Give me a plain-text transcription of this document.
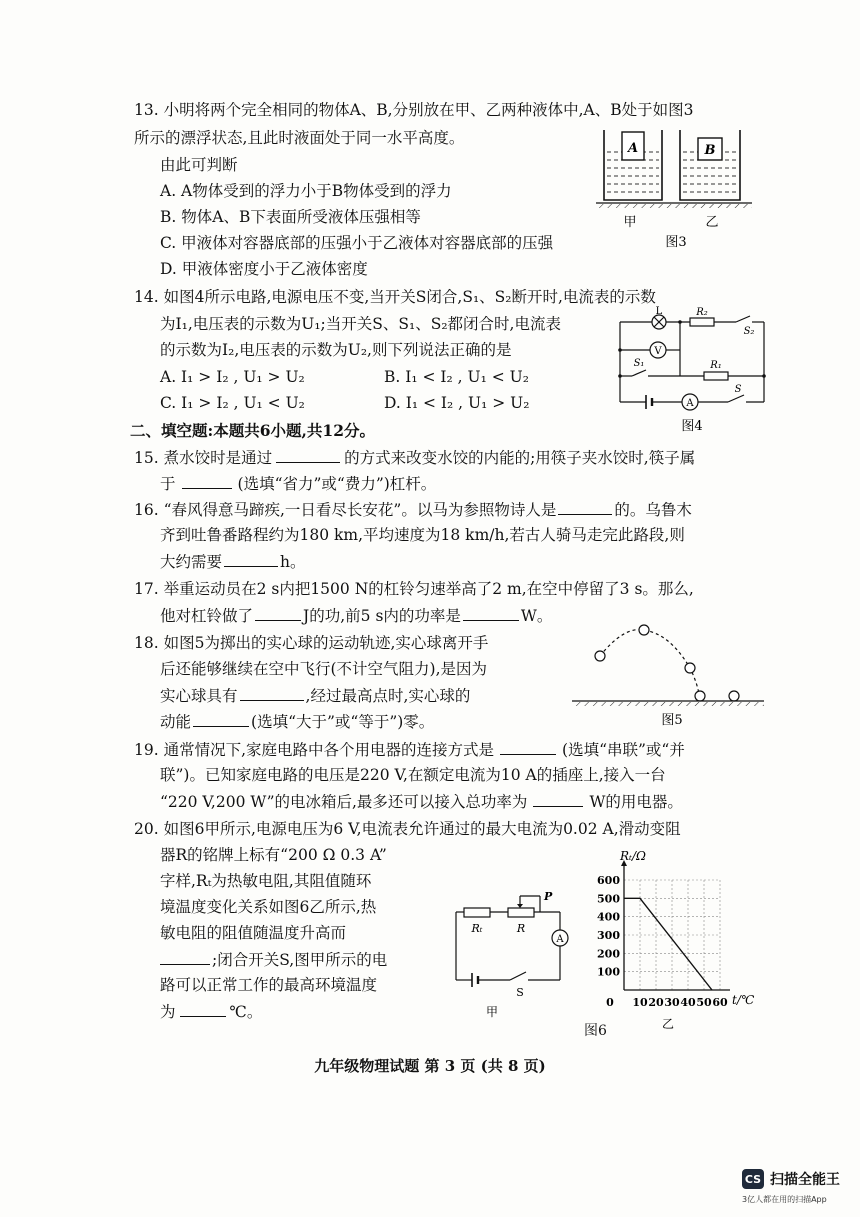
13. 小明将两个完全相同的物体A、B,分别放在甲、乙两种液体中,A、B处于如图3
所示的漂浮状态,且此时液面处于同一水平高度。
由此可判断
A. A物体受到的浮力小于B物体受到的浮力
B. 物体A、B下表面所受液体压强相等
C. 甲液体对容器底部的压强小于乙液体对容器底部的压强
D. 甲液体密度小于乙液体密度
A	B
甲	乙
图3
14. 如图4所示电路,电源电压不变,当开关S闭合,S₁、S₂断开时,电流表的示数
为I₁,电压表的示数为U₁;当开关S、S₁、S₂都闭合时,电流表
的示数为I₂,电压表的示数为U₂,则下列说法正确的是
A. I₁ > I₂ , U₁ > U₂	B. I₁ < I₂ , U₁ < U₂
C. I₁ > I₂ , U₁ < U₂	D. I₁ < I₂ , U₁ > U₂
L	R₂
S₂
V
S₁	R₁
A
S
图4
二、填空题:本题共6小题,共12分。
15. 煮水饺时是通过	的方式来改变水饺的内能的;用筷子夹水饺时,筷子属
于	(选填“省力”或“费力”)杠杆。
16. “春风得意马蹄疾,一日看尽长安花”。以马为参照物诗人是	的。乌鲁木
齐到吐鲁番路程约为180 km,平均速度为18 km/h,若古人骑马走完此路段,则
大约需要	h。
17. 举重运动员在2 s内把1500 N的杠铃匀速举高了2 m,在空中停留了3 s。那么,
他对杠铃做了	J的功,前5 s内的功率是	W。
18. 如图5为掷出的实心球的运动轨迹,实心球离开手
后还能够继续在空中飞行(不计空气阻力),是因为
实心球具有	,经过最高点时,实心球的
动能	(选填“大于”或“等于”)零。	图5
19. 通常情况下,家庭电路中各个用电器的连接方式是	(选填“串联”或“并
联”)。已知家庭电路的电压是220 V,在额定电流为10 A的插座上,接入一台
“220 V,200 W”的电冰箱后,最多还可以接入总功率为	W的用电器。
20. 如图6甲所示,电源电压为6 V,电流表允许通过的最大电流为0.02 A,滑动变阻
器R的铭牌上标有“200 Ω 0.3 A”
字样,Rₜ为热敏电阻,其阻值随环
境温度变化关系如图6乙所示,热
敏电阻的阻值随温度升高而
;闭合开关S,图甲所示的电
路可以正常工作的最高环境温度
为	℃。
Rₜ	R
P
A
S
甲
0 10 20 30 40 50 60
100
200
300
400
500
600
Rₜ/Ω
t/℃
乙
图6
九年级物理试题 第 3 页 (共 8 页)
CS 扫描全能王
3亿人都在用的扫描App
